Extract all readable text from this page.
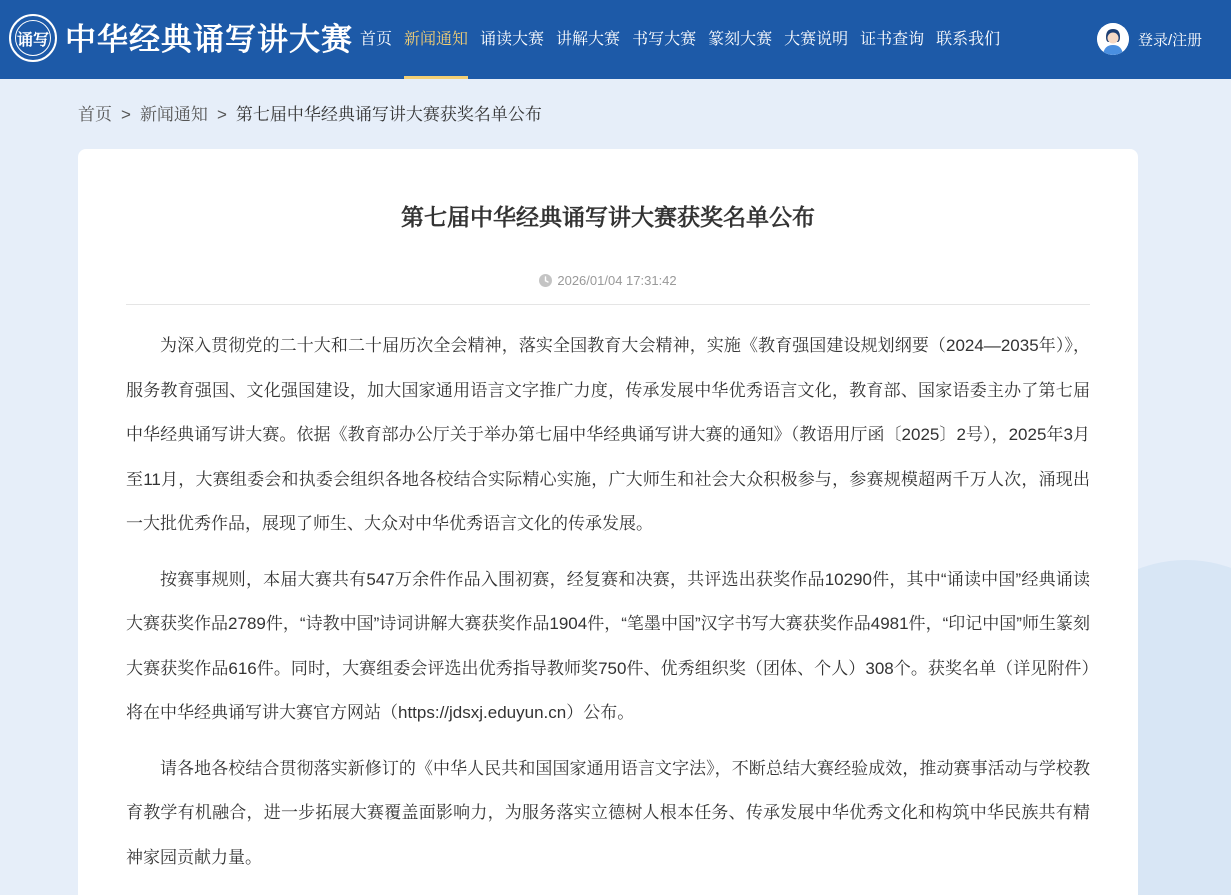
诵写 中华经典诵写讲大赛 首页 新闻通知 诵读大赛 讲解大赛 书写大赛 篆刻大赛 大赛说明 证书查询 联系我们	登录/注册
首页 > 新闻通知 > 第七届中华经典诵写讲大赛获奖名单公布
第七届中华经典诵写讲大赛获奖名单公布
2026/01/04 17:31:42

为深入贯彻党的二十大和二十届历次全会精神，落实全国教育大会精神，实施《教育强国建设规划纲要（2024—2035年）》，服务教育强国、文化强国建设，加大国家通用语言文字推广力度，传承发展中华优秀语言文化，教育部、国家语委主办了第七届中华经典诵写讲大赛。依据《教育部办公厅关于举办第七届中华经典诵写讲大赛的通知》（教语用厅函〔2025〕2号），2025年3月至11月，大赛组委会和执委会组织各地各校结合实际精心实施，广大师生和社会大众积极参与，参赛规模超两千万人次，涌现出一大批优秀作品，展现了师生、大众对中华优秀语言文化的传承发展。

按赛事规则，本届大赛共有547万余件作品入围初赛，经复赛和决赛，共评选出获奖作品10290件，其中“诵读中国”经典诵读大赛获奖作品2789件，“诗教中国”诗词讲解大赛获奖作品1904件，“笔墨中国”汉字书写大赛获奖作品4981件，“印记中国”师生篆刻大赛获奖作品616件。同时，大赛组委会评选出优秀指导教师奖750件、优秀组织奖（团体、个人）308个。获奖名单（详见附件）将在中华经典诵写讲大赛官方网站（https://jdsxj.eduyun.cn）公布。

请各地各校结合贯彻落实新修订的《中华人民共和国国家通用语言文字法》，不断总结大赛经验成效，推动赛事活动与学校教育教学有机融合，进一步拓展大赛覆盖面影响力，为服务落实立德树人根本任务、传承发展中华优秀文化和构筑中华民族共有精神家园贡献力量。
